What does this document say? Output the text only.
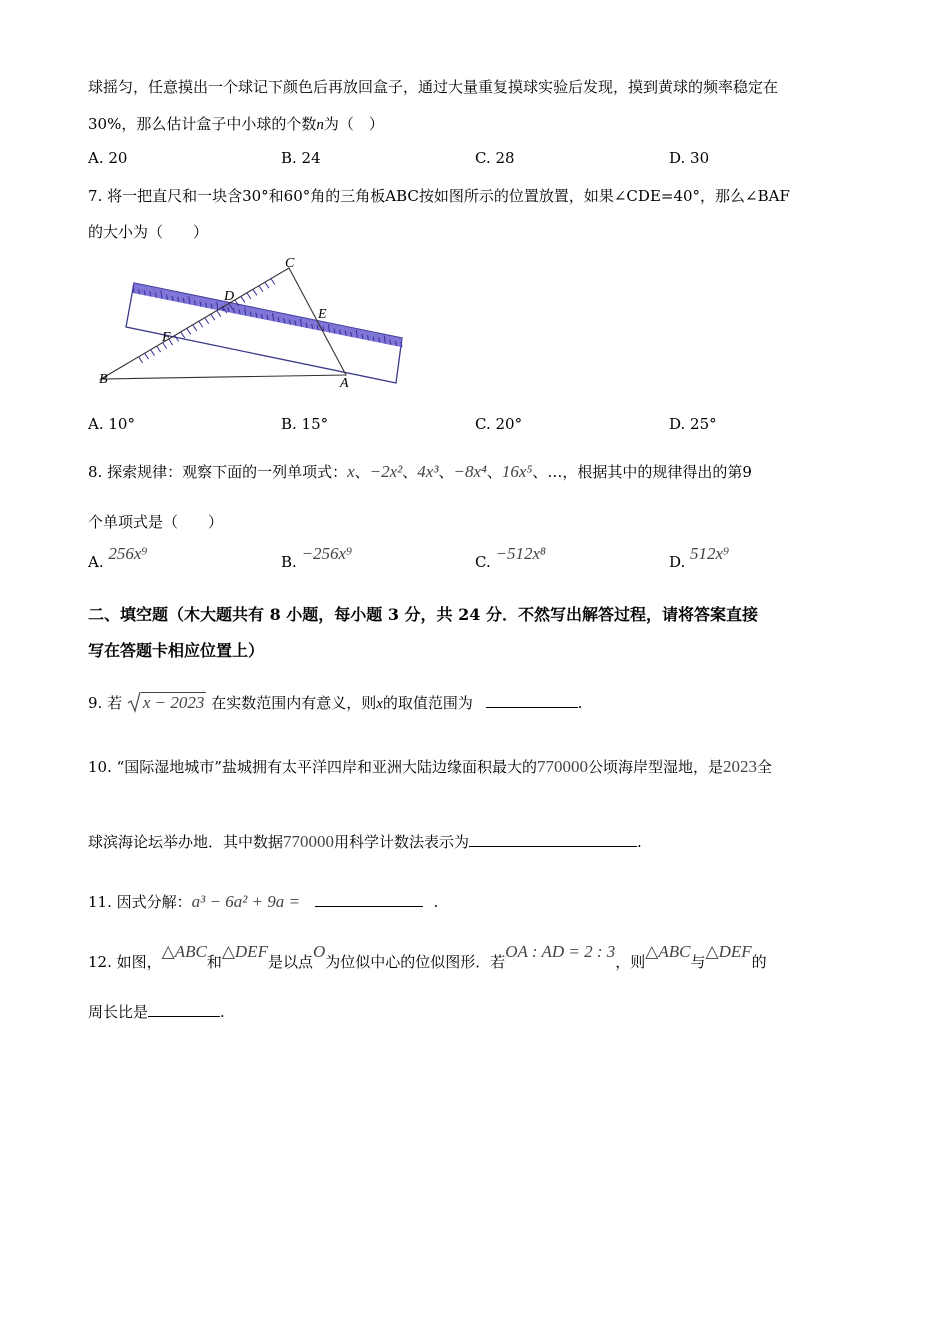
球摇匀，任意摸出一个球记下颜色后再放回盒子，通过大量重复摸球实验后发现，摸到黄球的频率稳定在
30%，那么估计盒子中小球的个数n为（　）
A. 20	B. 24	C. 28	D. 30
7. 将一把直尺和一块含30°和60°角的三角板ABC按如图所示的位置放置，如果∠CDE=40°，那么∠BAF
的大小为（　　）
C
D
E
F
B	A
A. 10°	B. 15°	C. 20°	D. 25°
8. 探索规律：观察下面的一列单项式：x、−2x²、4x³、−8x⁴、16x⁵、…，根据其中的规律得出的第9
个单项式是（　　）
A. 256x⁹	B. −256x⁹	C. −512x⁸	D. 512x⁹
二、填空题（木大题共有 8 小题，每小题 3 分，共 24 分．不然写出解答过程，请将答案直接
写在答题卡相应位置上）
9. 若 x − 2023 在实数范围内有意义，则x的取值范围为	.
10. “国际湿地城市”盐城拥有太平洋四岸和亚洲大陆边缘面积最大的770000公顷海岸型湿地，是2023全
球滨海论坛举办地．其中数据770000用科学计数法表示为	.
11. 因式分解：a³ − 6a² + 9a =	.
12. 如图，△ABC和△DEF是以点O为位似中心的位似图形．若OA : AD = 2 : 3，则△ABC与△DEF的
周长比是	.
